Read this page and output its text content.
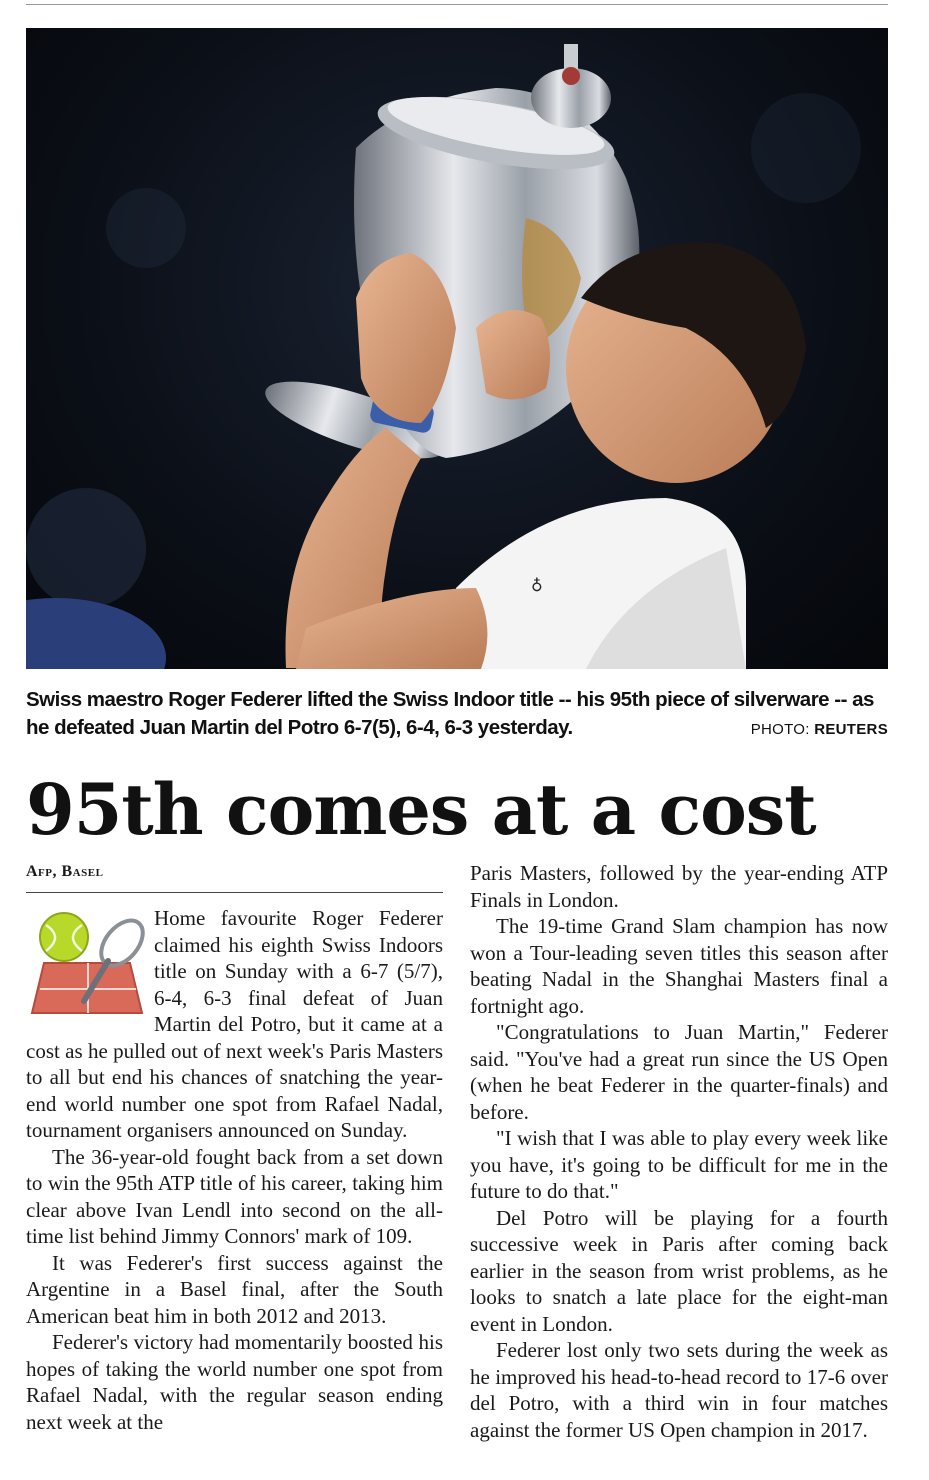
♁
Swiss maestro Roger Federer lifted the Swiss Indoor title -- his 95th piece of silverware -- as he defeated Juan Martin del Potro 6-7(5), 6-4, 6-3 yesterday.	PHOTO: REUTERS
95th comes at a cost
Afp, Basel

Home favourite Roger Federer claimed his eighth Swiss Indoors title on Sunday with a 6-7 (5/7), 6-4, 6-3 final defeat of Juan Martin del Potro, but it came at a cost as he pulled out of next week's Paris Masters to all but end his chances of snatching the year-end world number one spot from Rafael Nadal, tournament organisers announced on Sunday.

The 36-year-old fought back from a set down to win the 95th ATP title of his career, taking him clear above Ivan Lendl into second on the all-time list behind Jimmy Connors' mark of 109.

It was Federer's first success against the Argentine in a Basel final, after the South American beat him in both 2012 and 2013.

Federer's victory had momentarily boosted his hopes of taking the world number one spot from Rafael Nadal, with the regular season ending next week at the

Paris Masters, followed by the year-ending ATP Finals in London.

The 19-time Grand Slam champion has now won a Tour-leading seven titles this season after beating Nadal in the Shanghai Masters final a fortnight ago.

"Congratulations to Juan Martin," Federer said. "You've had a great run since the US Open (when he beat Federer in the quarter-finals) and before.

"I wish that I was able to play every week like you have, it's going to be difficult for me in the future to do that."

Del Potro will be playing for a fourth successive week in Paris after coming back earlier in the season from wrist problems, as he looks to snatch a late place for the eight-man event in London.

Federer lost only two sets during the week as he improved his head-to-head record to 17-6 over del Potro, with a third win in four matches against the former US Open champion in 2017.
